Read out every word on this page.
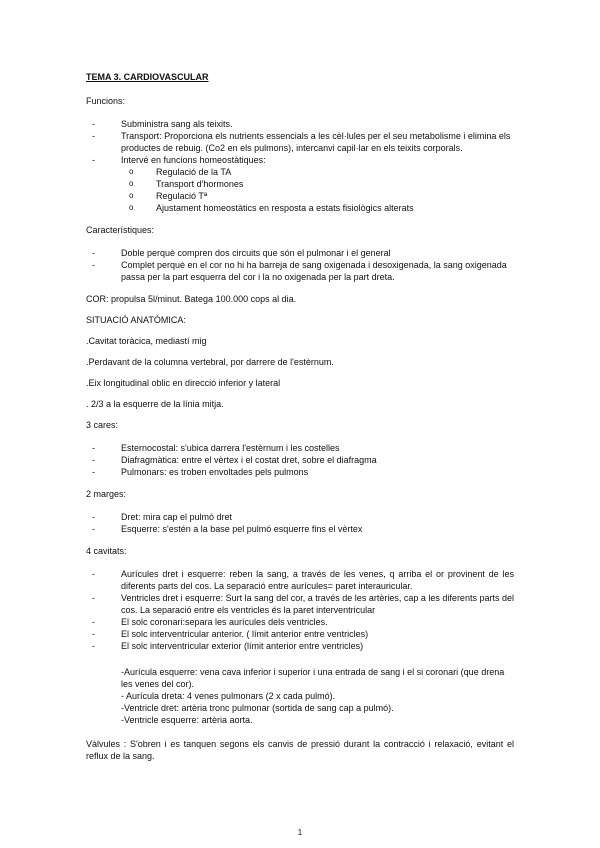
TEMA 3. CARDIOVASCULAR
Funcions:
- Subministra sang als teixits.
- Transport: Proporciona els nutrients essencials a les cèl·lules per el seu metabolisme i elimina els productes de rebuig. (Co2 en els pulmons), intercanvi capil·lar en els teixits corporals.
- Intervé en funcions homeostàtiques:
o Regulació de la TA
o Transport d'hormones
o Regulació Tª
o Ajustament homeostàtics en resposta a estats fisiològics alterats
Característiques:
- Doble perquè compren dos circuits que són el pulmonar i el general
- Complet perquè en el cor no hi ha barreja de sang oxigenada i desoxigenada, la sang oxigenada passa per la part esquerra del cor i la no oxigenada per la part dreta.
COR: propulsa 5l/minut. Batega 100.000 cops al dia.
SITUACIÓ ANATÒMICA:
.Cavitat toràcica, mediastí mig
.Perdavant de la columna vertebral, por darrere de l'estèrnum.
.Eix longitudinal oblic en direcció inferior y lateral
. 2/3 a la esquerre de la línia mitja.
3 cares:
- Esternocostal: s'ubica darrera l'estèrnum i les costelles
- Diafragmàtica: entre el vèrtex i el costat dret, sobre el diafragma
- Pulmonars: es troben envoltades pels pulmons
2 marges:
- Dret: mira cap el pulmó dret
- Esquerre: s'estén a la base pel pulmó esquerre fins el vèrtex
4 cavitats:
- Aurícules dret i esquerre: reben la sang, a través de les venes, q arriba el or provinent de les diferents parts del cos. La separació entre aurícules= paret interauricular.
- Ventricles dret i esquerre: Surt la sang del cor, a través de les artèries, cap a les diferents parts del cos. La separació entre els ventricles és la paret interventricular
- El solc coronari:separa les aurícules dels ventricles.
- El solc interventricular anterior. ( límit anterior entre ventricles)
- El solc interventricular exterior (límit anterior entre ventricles)
-Aurícula esquerre: vena cava inferior i superior i una entrada de sang i el si coronari (que drena les venes del cor).
- Aurícula dreta: 4 venes pulmonars (2 x cada pulmó).
-Ventricle dret: artèria tronc pulmonar (sortida de sang cap a pulmó).
-Ventricle esquerre: artèria aorta.
Vàlvules : S'obren i es tanquen segons els canvis de pressió durant la contracció i relaxació, evitant el reflux de la sang.
1
